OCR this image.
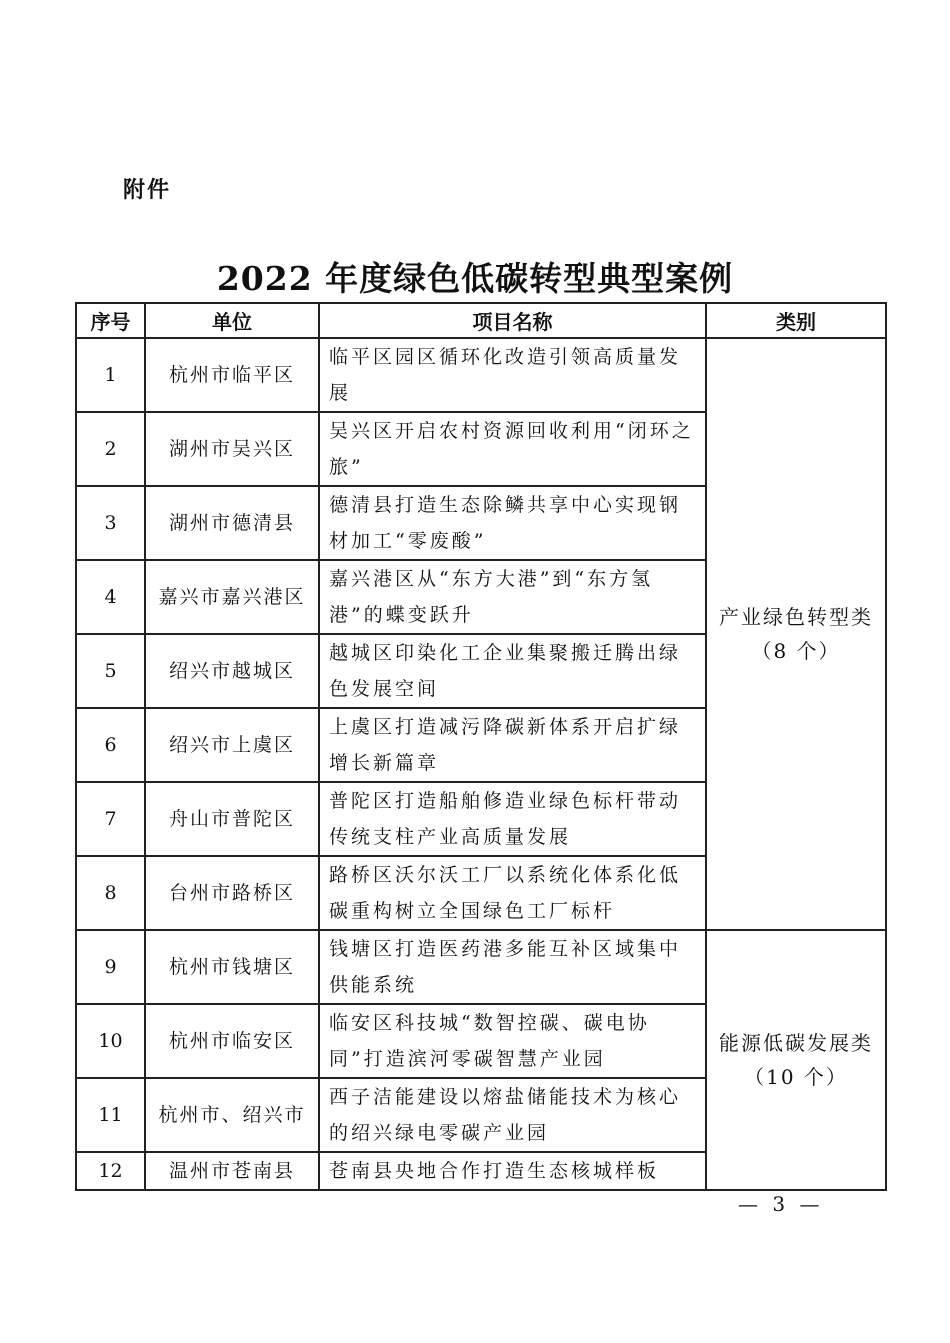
附件
2022 年度绿色低碳转型典型案例
序号	单位	项目名称	类别
1	杭州市临平区	临平区园区循环化改造引领高质量发展	产业绿色转型类
（8 个）

2	湖州市吴兴区	吴兴区开启农村资源回收利用“闭环之旅”	
3	湖州市德清县	德清县打造生态除鳞共享中心实现钢材加工“零废酸”	
4	嘉兴市嘉兴港区	嘉兴港区从“东方大港”到“东方氢港”的蝶变跃升	
5	绍兴市越城区	越城区印染化工企业集聚搬迁腾出绿色发展空间	
6	绍兴市上虞区	上虞区打造减污降碳新体系开启扩绿增长新篇章	
7	舟山市普陀区	普陀区打造船舶修造业绿色标杆带动传统支柱产业高质量发展	
8	台州市路桥区	路桥区沃尔沃工厂以系统化体系化低碳重构树立全国绿色工厂标杆	
9	杭州市钱塘区	钱塘区打造医药港多能互补区域集中供能系统	能源低碳发展类
（10 个）

10	杭州市临安区	临安区科技城“数智控碳、碳电协同”打造滨河零碳智慧产业园	
11	杭州市、绍兴市	西子洁能建设以熔盐储能技术为核心的绍兴绿电零碳产业园	
12	温州市苍南县	苍南县央地合作打造生态核城样板	
— 3 —
